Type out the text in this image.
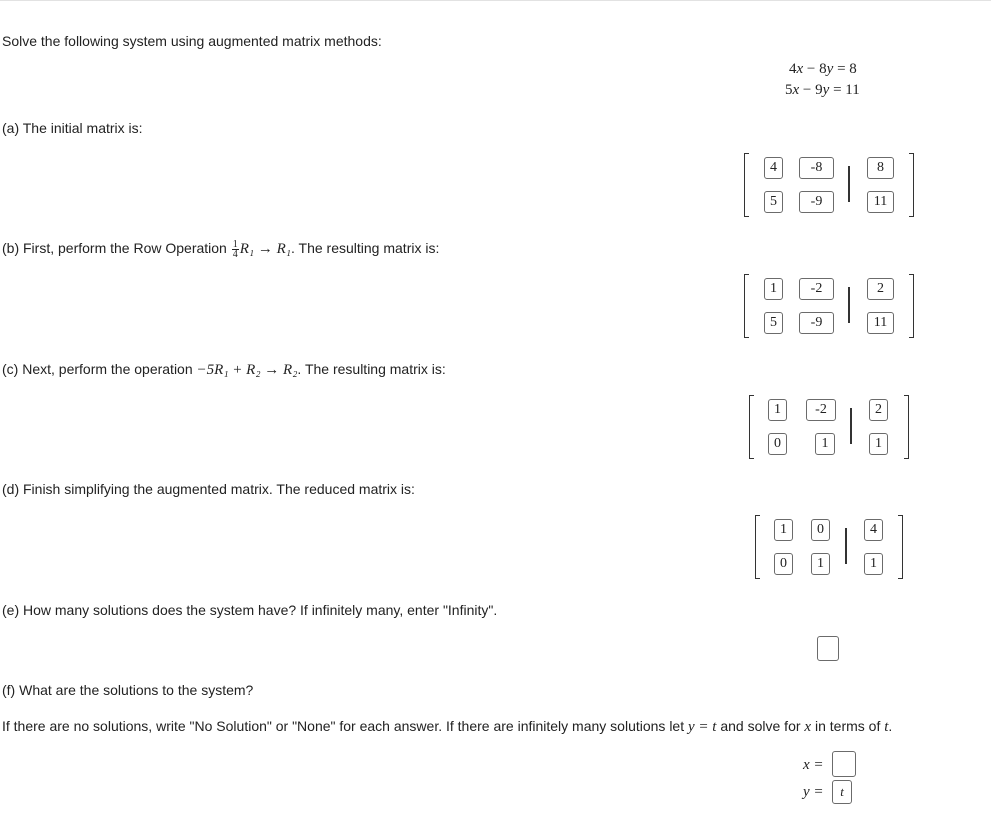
Solve the following system using augmented matrix methods:
4x − 8y = 8
5x − 9y = 11
(a) The initial matrix is:
4	-8	8
5	-9	11
(b) First, perform the Row Operation $\frac{1}{4} R_1 \to R_1$. The resulting matrix is:
1	-2	2
5	-9	11
(c) Next, perform the operation −5R₁ + R₂ → R₂. The resulting matrix is:
1	-2	2
0	1	1
(d) Finish simplifying the augmented matrix. The reduced matrix is:
1	0	4
0	1	1
(e) How many solutions does the system have? If infinitely many, enter "Infinity".
(f) What are the solutions to the system?
If there are no solutions, write "No Solution" or "None" for each answer. If there are infinitely many solutions let y = t and solve for x in terms of t.
x =
y =	t
